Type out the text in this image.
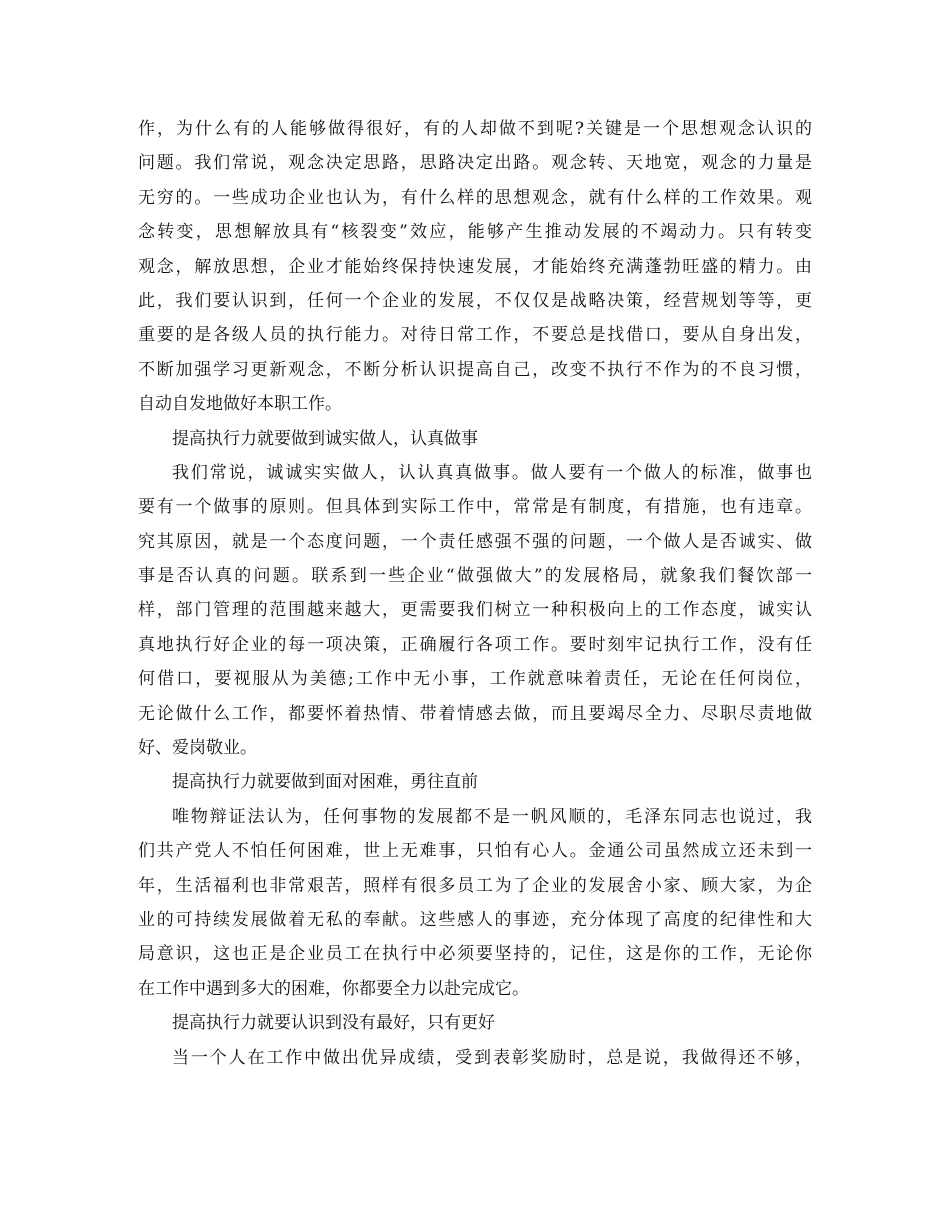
作，为什么有的人能够做得很好，有的人却做不到呢?关键是一个思想观念认识的
问题。我们常说，观念决定思路，思路决定出路。观念转、天地宽，观念的力量是
无穷的。一些成功企业也认为，有什么样的思想观念，就有什么样的工作效果。观
念转变，思想解放具有“核裂变”效应，能够产生推动发展的不竭动力。只有转变
观念，解放思想，企业才能始终保持快速发展，才能始终充满蓬勃旺盛的精力。由
此，我们要认识到，任何一个企业的发展，不仅仅是战略决策，经营规划等等，更
重要的是各级人员的执行能力。对待日常工作，不要总是找借口，要从自身出发，
不断加强学习更新观念，不断分析认识提高自己，改变不执行不作为的不良习惯，
自动自发地做好本职工作。
提高执行力就要做到诚实做人，认真做事
我们常说，诚诚实实做人，认认真真做事。做人要有一个做人的标准，做事也
要有一个做事的原则。但具体到实际工作中，常常是有制度，有措施，也有违章。
究其原因，就是一个态度问题，一个责任感强不强的问题，一个做人是否诚实、做
事是否认真的问题。联系到一些企业“做强做大”的发展格局，就象我们餐饮部一
样，部门管理的范围越来越大，更需要我们树立一种积极向上的工作态度，诚实认
真地执行好企业的每一项决策，正确履行各项工作。要时刻牢记执行工作，没有任
何借口，要视服从为美德;工作中无小事，工作就意味着责任，无论在任何岗位，
无论做什么工作，都要怀着热情、带着情感去做，而且要竭尽全力、尽职尽责地做
好、爱岗敬业。
提高执行力就要做到面对困难，勇往直前
唯物辩证法认为，任何事物的发展都不是一帆风顺的，毛泽东同志也说过，我
们共产党人不怕任何困难，世上无难事，只怕有心人。金通公司虽然成立还未到一
年，生活福利也非常艰苦，照样有很多员工为了企业的发展舍小家、顾大家，为企
业的可持续发展做着无私的奉献。这些感人的事迹，充分体现了高度的纪律性和大
局意识，这也正是企业员工在执行中必须要坚持的，记住，这是你的工作，无论你
在工作中遇到多大的困难，你都要全力以赴完成它。
提高执行力就要认识到没有最好，只有更好
当一个人在工作中做出优异成绩，受到表彰奖励时，总是说，我做得还不够，
